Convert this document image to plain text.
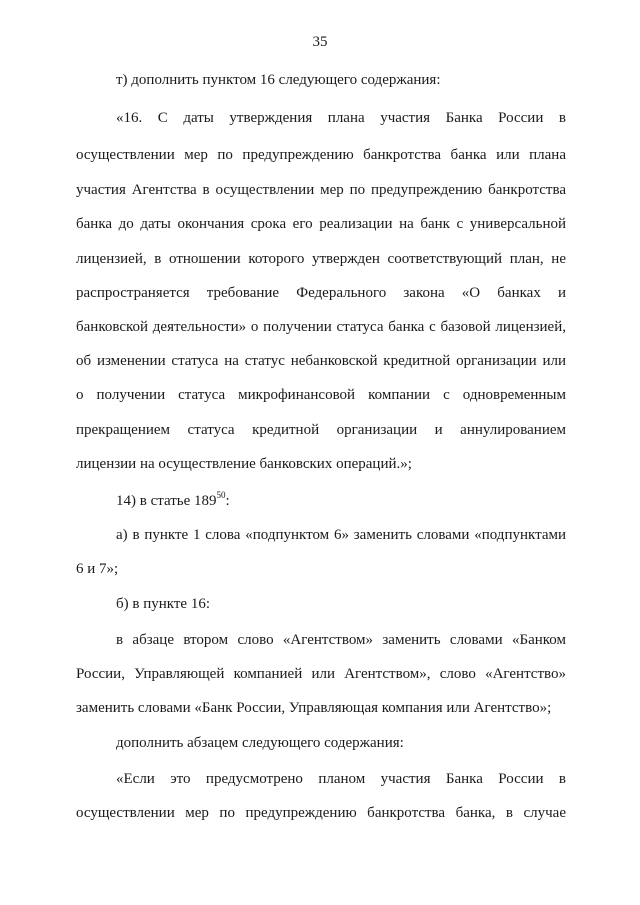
35
т) дополнить пунктом 16 следующего содержания:
«16. С даты утверждения плана участия Банка России в
осуществлении мер по предупреждению банкротства банка или плана
участия Агентства в осуществлении мер по предупреждению банкротства
банка до даты окончания срока его реализации на банк с универсальной
лицензией, в отношении которого утвержден соответствующий план, не
распространяется требование Федерального закона «О банках и
банковской деятельности» о получении статуса банка с базовой лицензией,
об изменении статуса на статус небанковской кредитной организации или
о получении статуса микрофинансовой компании с одновременным
прекращением статуса кредитной организации и аннулированием
лицензии на осуществление банковских операций.»;
14) в статье $189^{50}$:
а) в пункте 1 слова «подпунктом 6» заменить словами «подпунктами
6 и 7»;
б) в пункте 16:
в абзаце втором слово «Агентством» заменить словами «Банком
России, Управляющей компанией или Агентством», слово «Агентство»
заменить словами «Банк России, Управляющая компания или Агентство»;
дополнить абзацем следующего содержания:
«Если это предусмотрено планом участия Банка России в
осуществлении мер по предупреждению банкротства банка, в случае
